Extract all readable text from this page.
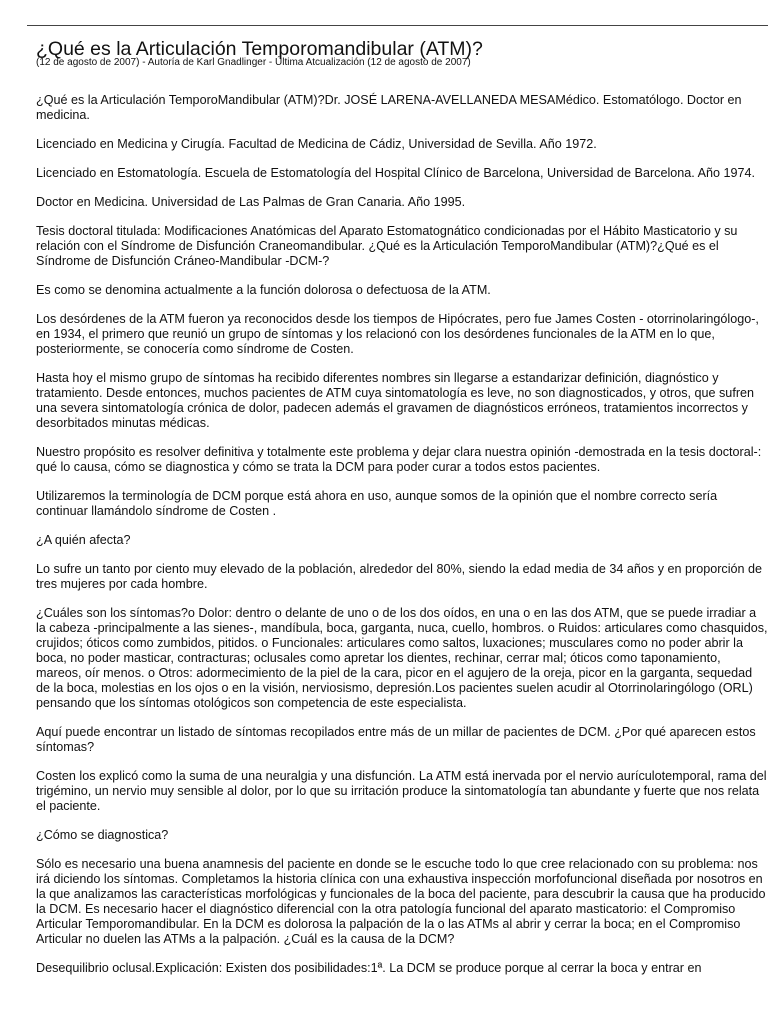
¿Qué es la Articulación Temporomandibular (ATM)?
(12 de agosto de 2007) - Autoría de Karl Gnadlinger - Última Atcualización (12 de agosto de 2007)

¿Qué es la Articulación TemporoMandibular (ATM)?Dr. JOSÉ LARENA-AVELLANEDA MESAMédico. Estomatólogo. Doctor en medicina.

Licenciado en Medicina y Cirugía. Facultad de Medicina de Cádiz, Universidad de Sevilla. Año 1972.

Licenciado en Estomatología. Escuela de Estomatología del Hospital Clínico de Barcelona, Universidad de Barcelona. Año 1974.

Doctor en Medicina. Universidad de Las Palmas de Gran Canaria. Año 1995.

Tesis doctoral titulada: Modificaciones Anatómicas del Aparato Estomatognático condicionadas por el Hábito Masticatorio y su relación con el Síndrome de Disfunción Craneomandibular. ¿Qué es la Articulación TemporoMandibular (ATM)?¿Qué es el Síndrome de Disfunción Cráneo-Mandibular -DCM-?

Es como se denomina actualmente a la función dolorosa o defectuosa de la ATM.

Los desórdenes de la ATM fueron ya reconocidos desde los tiempos de Hipócrates, pero fue James Costen - otorrinolaringólogo-, en 1934, el primero que reunió un grupo de síntomas y los relacionó con los desórdenes funcionales de la ATM en lo que, posteriormente, se conocería como síndrome de Costen.

Hasta hoy el mismo grupo de síntomas ha recibido diferentes nombres sin llegarse a estandarizar definición, diagnóstico y tratamiento. Desde entonces, muchos pacientes de ATM cuya sintomatología es leve, no son diagnosticados, y otros, que sufren una severa sintomatología crónica de dolor, padecen además el gravamen de diagnósticos erróneos, tratamientos incorrectos y desorbitados minutas médicas.

Nuestro propósito es resolver definitiva y totalmente este problema y dejar clara nuestra opinión -demostrada en la tesis doctoral-: qué lo causa, cómo se diagnostica y cómo se trata la DCM para poder curar a todos estos pacientes.

Utilizaremos la terminología de DCM porque está ahora en uso, aunque somos de la opinión que el nombre correcto sería continuar llamándolo síndrome de Costen .

¿A quién afecta?

Lo sufre un tanto por ciento muy elevado de la población, alrededor del 80%, siendo la edad media de 34 años y en proporción de tres mujeres por cada hombre.

¿Cuáles son los síntomas?o Dolor: dentro o delante de uno o de los dos oídos, en una o en las dos ATM, que se puede irradiar a la cabeza -principalmente a las sienes-, mandíbula, boca, garganta, nuca, cuello, hombros. o Ruidos: articulares como chasquidos, crujidos; óticos como zumbidos, pitidos. o Funcionales: articulares como saltos, luxaciones; musculares como no poder abrir la boca, no poder masticar, contracturas; oclusales como apretar los dientes, rechinar, cerrar mal; óticos como taponamiento, mareos, oír menos. o Otros: adormecimiento de la piel de la cara, picor en el agujero de la oreja, picor en la garganta, sequedad de la boca, molestias en los ojos o en la visión, nerviosismo, depresión.Los pacientes suelen acudir al Otorrinolaringólogo (ORL) pensando que los síntomas otológicos son competencia de este especialista.

Aquí puede encontrar un listado de síntomas recopilados entre más de un millar de pacientes de DCM. ¿Por qué aparecen estos síntomas?

Costen los explicó como la suma de una neuralgia y una disfunción. La ATM está inervada por el nervio aurículotemporal, rama del trigémino, un nervio muy sensible al dolor, por lo que su irritación produce la sintomatología tan abundante y fuerte que nos relata el paciente.

¿Cómo se diagnostica?

Sólo es necesario una buena anamnesis del paciente en donde se le escuche todo lo que cree relacionado con su problema: nos irá diciendo los síntomas. Completamos la historia clínica con una exhaustiva inspección morfofuncional diseñada por nosotros en la que analizamos las características morfológicas y funcionales de la boca del paciente, para descubrir la causa que ha producido la DCM. Es necesario hacer el diagnóstico diferencial con la otra patología funcional del aparato masticatorio: el Compromiso Articular Temporomandibular. En la DCM es dolorosa la palpación de la o las ATMs al abrir y cerrar la boca; en el Compromiso Articular no duelen las ATMs a la palpación. ¿Cuál es la causa de la DCM?

Desequilibrio oclusal.Explicación: Existen dos posibilidades:1ª. La DCM se produce porque al cerrar la boca y entrar en
